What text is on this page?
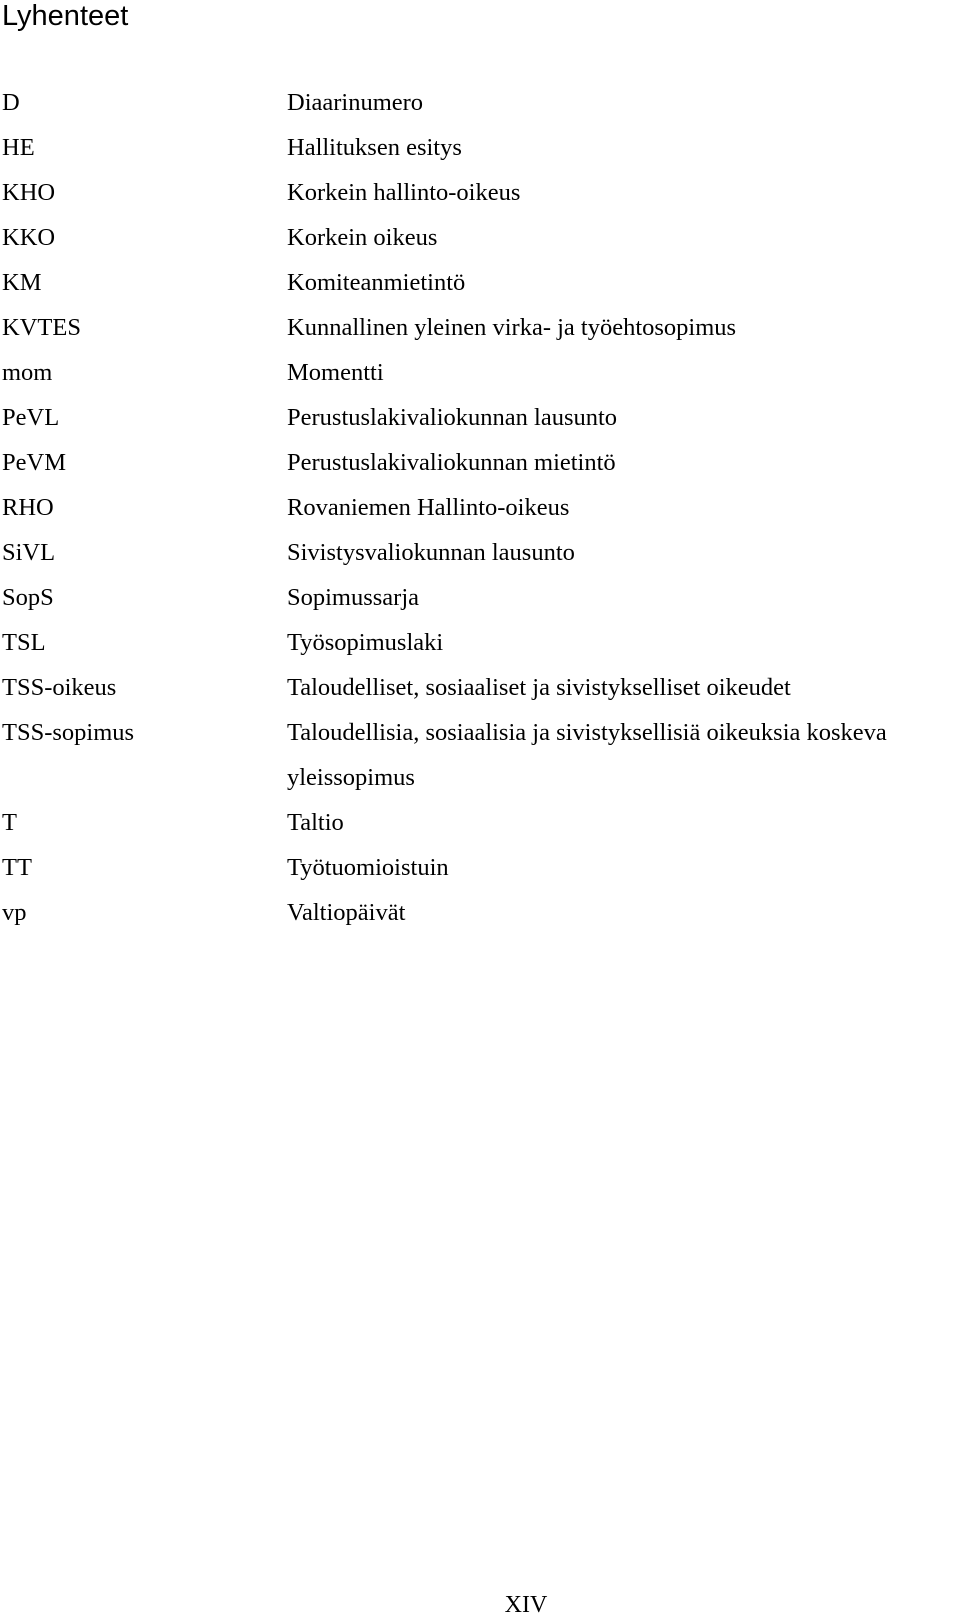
Lyhenteet
D	Diaarinumero
HE	Hallituksen esitys
KHO	Korkein hallinto-oikeus
KKO	Korkein oikeus
KM	Komiteanmietintö
KVTES	Kunnallinen yleinen virka- ja työehtosopimus
mom	Momentti
PeVL	Perustuslakivaliokunnan lausunto
PeVM	Perustuslakivaliokunnan mietintö
RHO	Rovaniemen Hallinto-oikeus
SiVL	Sivistysvaliokunnan lausunto
SopS	Sopimussarja
TSL	Työsopimuslaki
TSS-oikeus	Taloudelliset, sosiaaliset ja sivistykselliset oikeudet
TSS-sopimus	Taloudellisia, sosiaalisia ja sivistyksellisiä oikeuksia koskeva
yleissopimus
T	Taltio
TT	Työtuomioistuin
vp	Valtiopäivät
XIV
